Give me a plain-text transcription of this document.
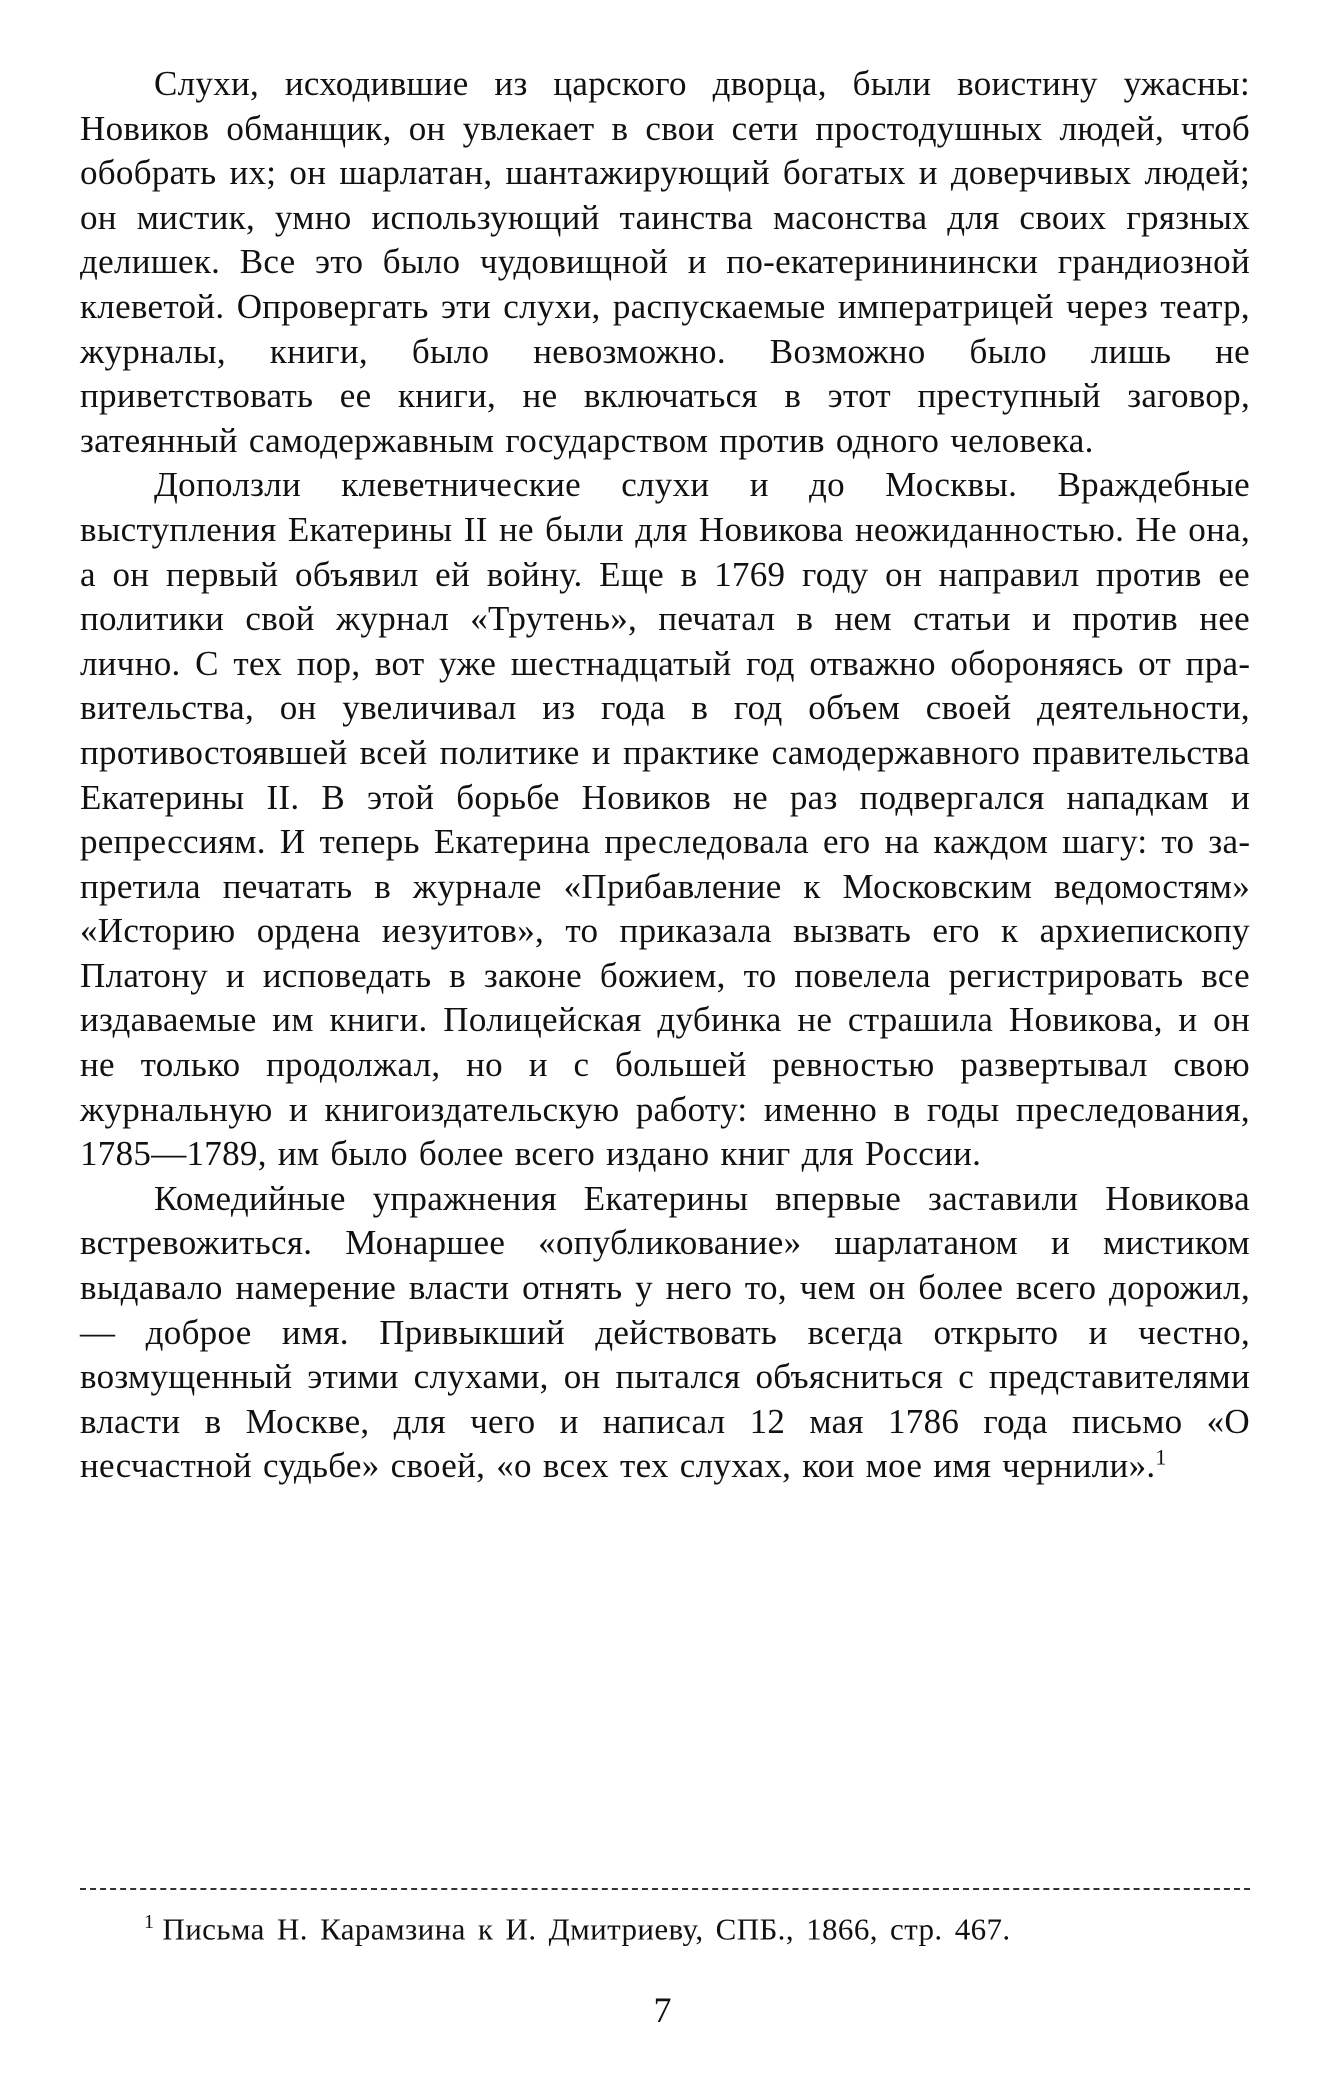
Слухи, исходившие из царского дворца, были воистину ужасны: Новиков обманщик, он увлекает в свои сети простодушных людей, чтоб обобрать их; он шарлатан, шантажирующий богатых и доверчивых людей; он мистик, умно использующий таинства масонства для своих грязных делишек. Все это было чудовищной и по-екатерининински грандиозной клеветой. Опровергать эти слухи, распускаемые императрицей через театр, журналы, книги, было невозможно. Возможно было лишь не приветствовать ее книги, не включаться в этот преступный заговор, затеянный самодержавным государством против одного человека.

Доползли клеветнические слухи и до Москвы. Враждебные выступления Екатерины II не были для Новикова неожиданностью. Не она, а он первый объявил ей войну. Еще в 1769 году он направил против ее политики свой журнал «Трутень», печатал в нем статьи и против нее лично. С тех пор, вот уже шестнадцатый год отважно обороняясь от правительства, он увеличивал из года в год объем своей деятельности, противостоявшей всей политике и практике самодержавного правительства Екатерины II. В этой борьбе Новиков не раз подвергался нападкам и репрессиям. И теперь Екатерина преследовала его на каждом шагу: то запретила печатать в журнале «Прибавление к Московским ведомостям» «Историю ордена иезуитов», то приказала вызвать его к архиепископу Платону и исповедать в законе божием, то повелела регистрировать все издаваемые им книги. Полицейская дубинка не страшила Новикова, и он не только продолжал, но и с большей ревностью развертывал свою журнальную и книгоиздательскую работу: именно в годы преследования, 1785—1789, им было более всего издано книг для России.

Комедийные упражнения Екатерины впервые заставили Новикова встревожиться. Монаршее «опубликование» шарлатаном и мистиком выдавало намерение власти отнять у него то, чем он более всего дорожил,— доброе имя. Привыкший действовать всегда открыто и честно, возмущенный этими слухами, он пытался объясниться с представителями власти в Москве, для чего и написал 12 мая 1786 года письмо «О несчастной судьбе» своей, «о всех тех слухах, кои мое имя чернили».$^1$

$^1$ Письма Н. Карамзина к И. Дмитриеву, СПБ., 1866, стр. 467.

7
